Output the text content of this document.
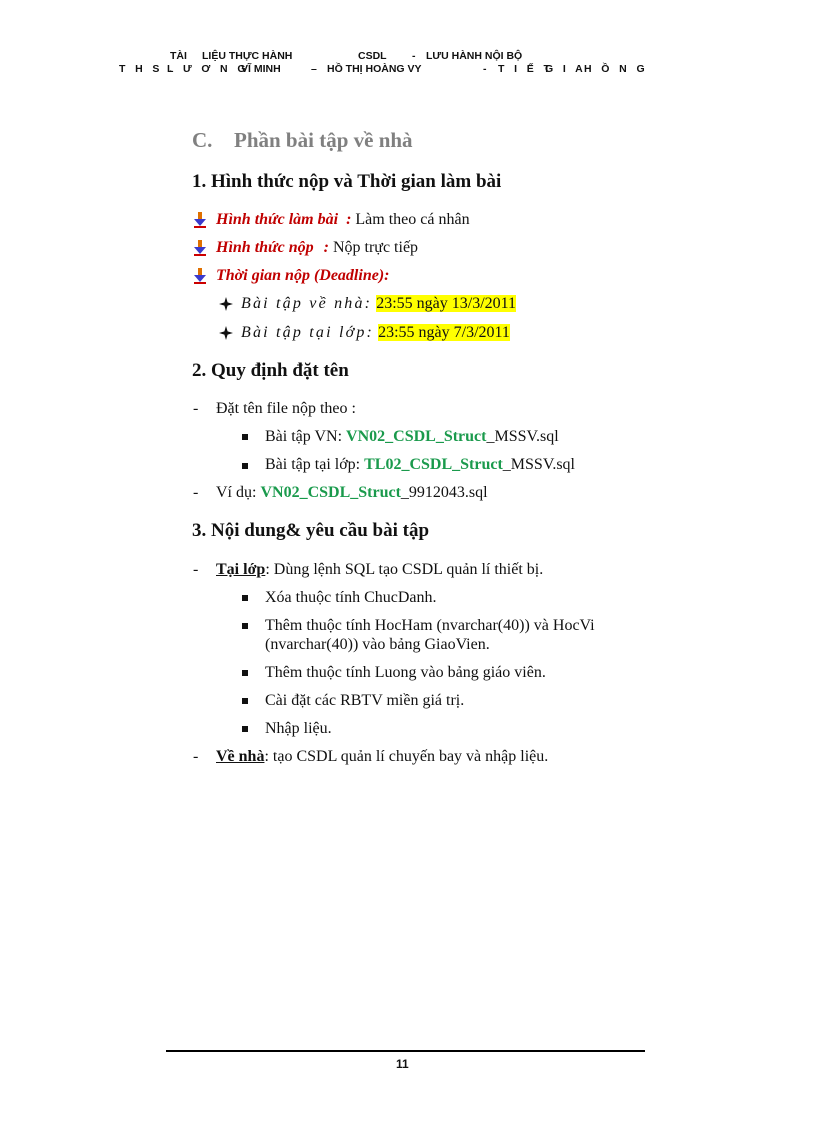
TÀI LIỆU THỰC HÀNH	CSDL - LƯU HÀNH NỘI BỘ
T H S .
L Ư Ơ N G
VĨ MINH	– HỒ THỊ HOÀNG VY	- T I Ế T
G I A
H Ồ N G
C. Phần bài tập về nhà
1. Hình thức nộp và Thời gian làm bài
Hình thức làm bài : Làm theo cá nhân
Hình thức nộp : Nộp trực tiếp
Thời gian nộp (Deadline):
Bài tập về nhà: 23:55 ngày 13/3/2011
Bài tập tại lớp: 23:55 ngày 7/3/2011
2. Quy định đặt tên
- Đặt tên file nộp theo :
Bài tập VN: VN02_CSDL_Struct_MSSV.sql
Bài tập tại lớp: TL02_CSDL_Struct_MSSV.sql
- Ví dụ: VN02_CSDL_Struct_9912043.sql
3. Nội dung& yêu cầu bài tập
- Tại lớp: Dùng lệnh SQL tạo CSDL quản lí thiết bị.
Xóa thuộc tính ChucDanh.
Thêm thuộc tính HocHam (nvarchar(40)) và HocVi
(nvarchar(40)) vào bảng GiaoVien.
Thêm thuộc tính Luong vào bảng giáo viên.
Cài đặt các RBTV miền giá trị.
Nhập liệu.
- Về nhà: tạo CSDL quản lí chuyến bay và nhập liệu.
11
